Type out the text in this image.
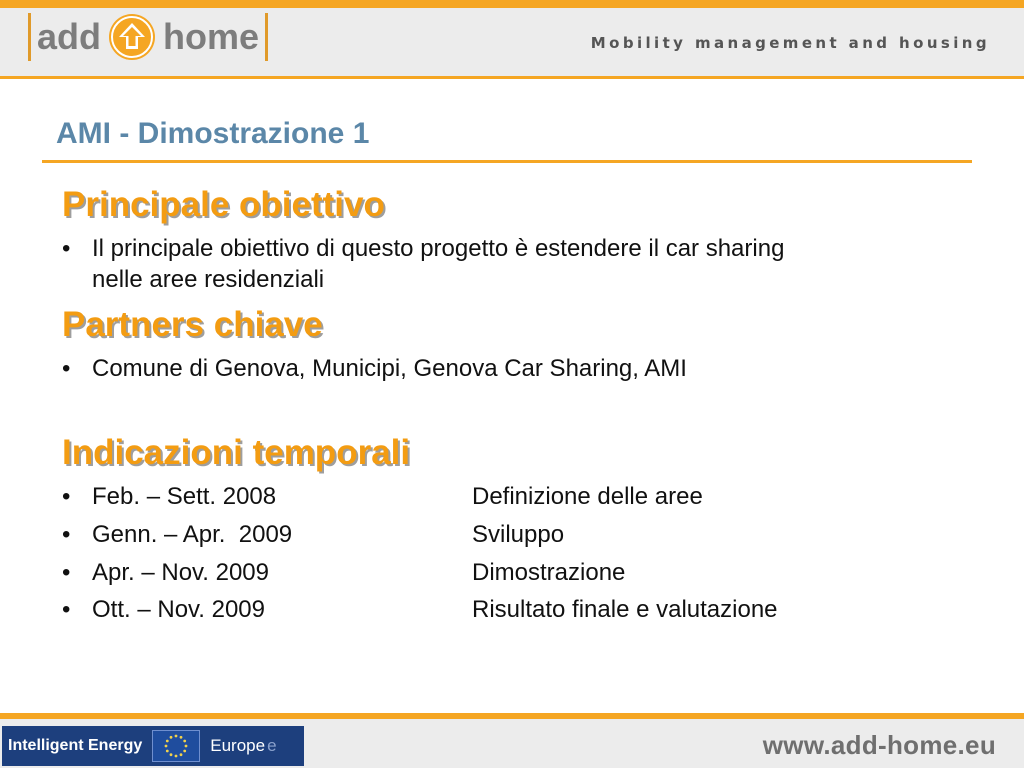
add home	Mobility management and housing
AMI - Dimostrazione 1
Principale obiettivo
• Il principale obiettivo di questo progetto è estendere il car sharing
nelle aree residenziali
Partners chiave
• Comune di Genova, Municipi, Genova Car Sharing, AMI
Indicazioni temporali
• Feb. – Sett. 2008	Definizione delle aree
• Genn. – Apr.  2009	Sviluppo
• Apr. – Nov. 2009	Dimostrazione
• Ott. – Nov. 2009	Risultato finale e valutazione
Intelligent Energy	Europe e	www.add-home.eu
